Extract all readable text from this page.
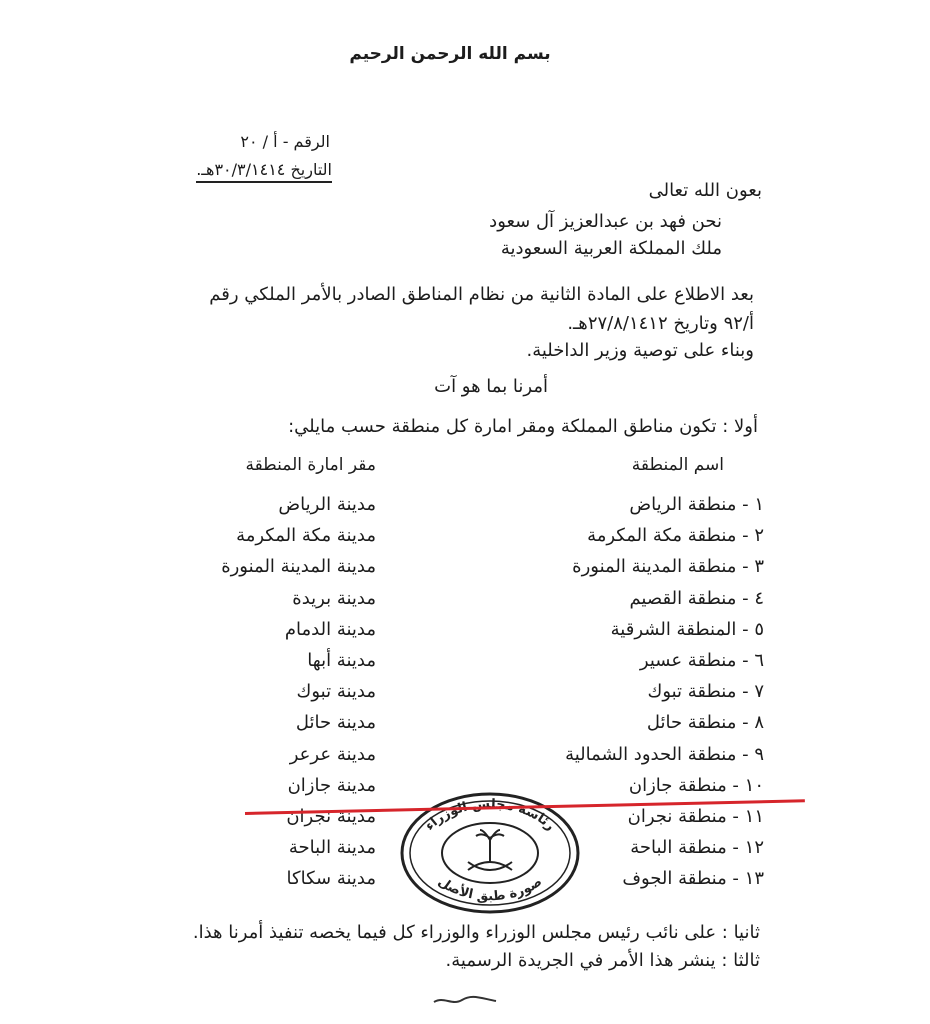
بسم الله الرحمن الرحيم
الرقم - أ / ٢٠
التاريخ ٣٠/٣/١٤١٤هـ.
بعون الله تعالى
نحن فهد بن عبدالعزيز آل سعود
ملك المملكة العربية السعودية
بعد الاطلاع على المادة الثانية من نظام المناطق الصادر بالأمر الملكي رقم
أ/٩٢ وتاريخ ٢٧/٨/١٤١٢هـ.
وبناء على توصية وزير الداخلية.
أمرنا بما هو آت
أولا : تكون مناطق المملكة ومقر امارة كل منطقة حسب مايلي:
اسم المنطقة
مقر امارة المنطقة
١ - منطقة الرياض
مدينة الرياض
٢ - منطقة مكة المكرمة
مدينة مكة المكرمة
٣ - منطقة المدينة المنورة
مدينة المدينة المنورة
٤ - منطقة القصيم
مدينة بريدة
٥ - المنطقة الشرقية
مدينة الدمام
٦ - منطقة عسير
مدينة أبها
٧ - منطقة تبوك
مدينة تبوك
٨ - منطقة حائل
مدينة حائل
٩ - منطقة الحدود الشمالية
مدينة عرعر
١٠ - منطقة جازان
مدينة جازان
١١ - منطقة نجران
مدينة نجران
١٢ - منطقة الباحة
مدينة الباحة
١٣ - منطقة الجوف
مدينة سكاكا
ثانيا : على نائب رئيس مجلس الوزراء والوزراء كل فيما يخصه تنفيذ أمرنا هذا.
ثالثا : ينشر هذا الأمر في الجريدة الرسمية.
رئاسة مجلس الوزراء
صورة طبق الأصل
